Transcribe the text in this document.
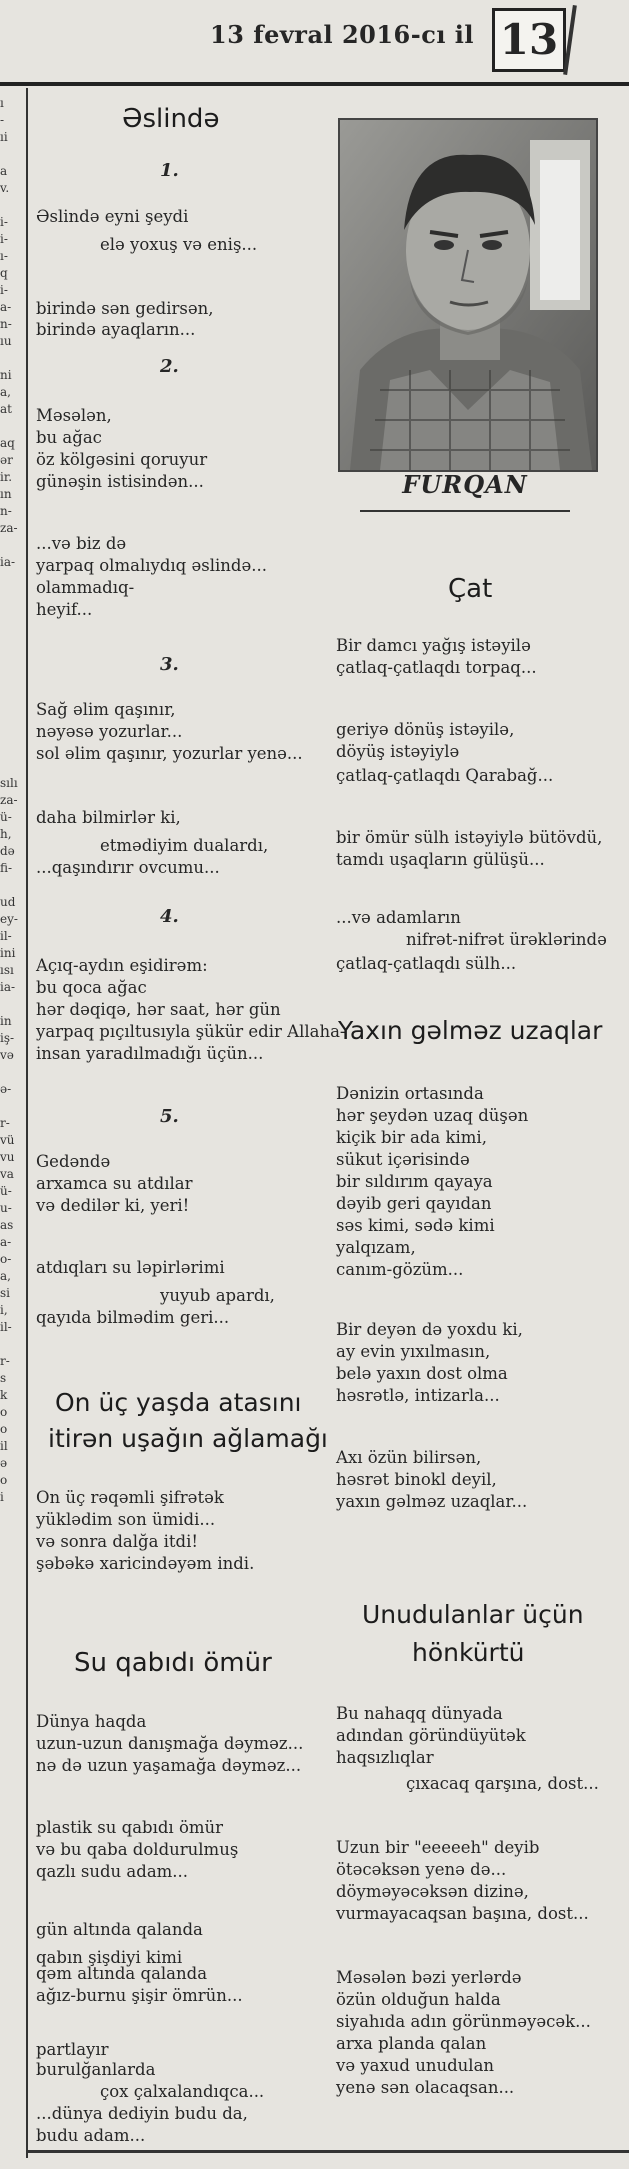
13 fevral 2016-cı il 13
ı
-
ıi
a
v.
i-
i-
ı-
q
i-
a-
n-
ıu
ni
a,
at
aq
ər
ir.
ın
n-
za-
ia-
sılı
za-
ü-
h,
də
fi-
ud
ey-
il-
ini
ısı
ia-
in
iş-
və
ə-
r-
vü
vu
va
ü-
u-
as
a-
o-
a,
si
i,
il-
r-
s
k
o
o
il
ə
o
i
Əslində
Əslində eyni şeydi
elə yoxuş və eniş...
birində sən gedirsən,
birində ayaqların...
Məsələn,
bu ağac
öz kölgəsini qoruyur
günəşin istisindən...
...və biz də
yarpaq olmalıydıq əslində...
olammadıq-
heyif...
Sağ əlim qaşınır,
nəyəsə yozurlar...
sol əlim qaşınır, yozurlar yenə...
daha bilmirlər ki,
etmədiyim dualardı,
...qaşındırır ovcumu...
Açıq-aydın eşidirəm:
bu qoca ağac
hər dəqiqə, hər saat, hər gün
yarpaq pıçıltusıyla şükür edir Allaha-
insan yaradılmadığı üçün...
Gedəndə
arxamca su atdılar
və dedilər ki, yeri!
atdıqları su ləpirlərimi
yuyub apardı,
qayıda bilmədim geri...
1.
2.
3.
4.
5.
On üç yaşda atasını
itirən uşağın ağlamağı
On üç rəqəmli şifrətək
yüklədim son ümidi...
və sonra dalğa itdi!
şəbəkə xaricindəyəm indi.
Su qabıdı ömür
Dünya haqda
uzun-uzun danışmağa dəyməz...
nə də uzun yaşamağa dəyməz...
plastik su qabıdı ömür
və bu qaba doldurulmuş
qazlı sudu adam...
gün altında qalanda
qabın şişdiyi kimi
qəm altında qalanda
ağız-burnu şişir ömrün...
partlayır
burulğanlarda
çox çalxalandıqca...
...dünya dediyin budu da,
budu adam...
FURQAN
Çat
Bir damcı yağış istəyilə
çatlaq-çatlaqdı torpaq...
geriyə dönüş istəyilə,
döyüş istəyiylə
çatlaq-çatlaqdı Qarabağ...
bir ömür sülh istəyiylə bütövdü,
tamdı uşaqların gülüşü...
...və adamların
nifrət-nifrət ürəklərində
çatlaq-çatlaqdı sülh...
Yaxın gəlməz uzaqlar
Dənizin ortasında
hər şeydən uzaq düşən
kiçik bir ada kimi,
sükut içərisində
bir sıldırım qayaya
dəyib geri qayıdan
səs kimi, sədə kimi
yalqızam,
canım-gözüm...
Bir deyən də yoxdu ki,
ay evin yıxılmasın,
belə yaxın dost olma
həsrətlə, intizarla...
Axı özün bilirsən,
həsrət binokl deyil,
yaxın gəlməz uzaqlar...
Unudulanlar üçün
hönkürtü
Bu nahaqq dünyada
adından göründüyütək
haqsızlıqlar
çıxacaq qarşına, dost...
Uzun bir "eeeeeh" deyib
ötəcəksən yenə də...
döyməyəcəksən dizinə,
vurmayacaqsan başına, dost...
Məsələn bəzi yerlərdə
özün olduğun halda
siyahıda adın görünməyəcək...
arxa planda qalan
və yaxud unudulan
yenə sən olacaqsan...
